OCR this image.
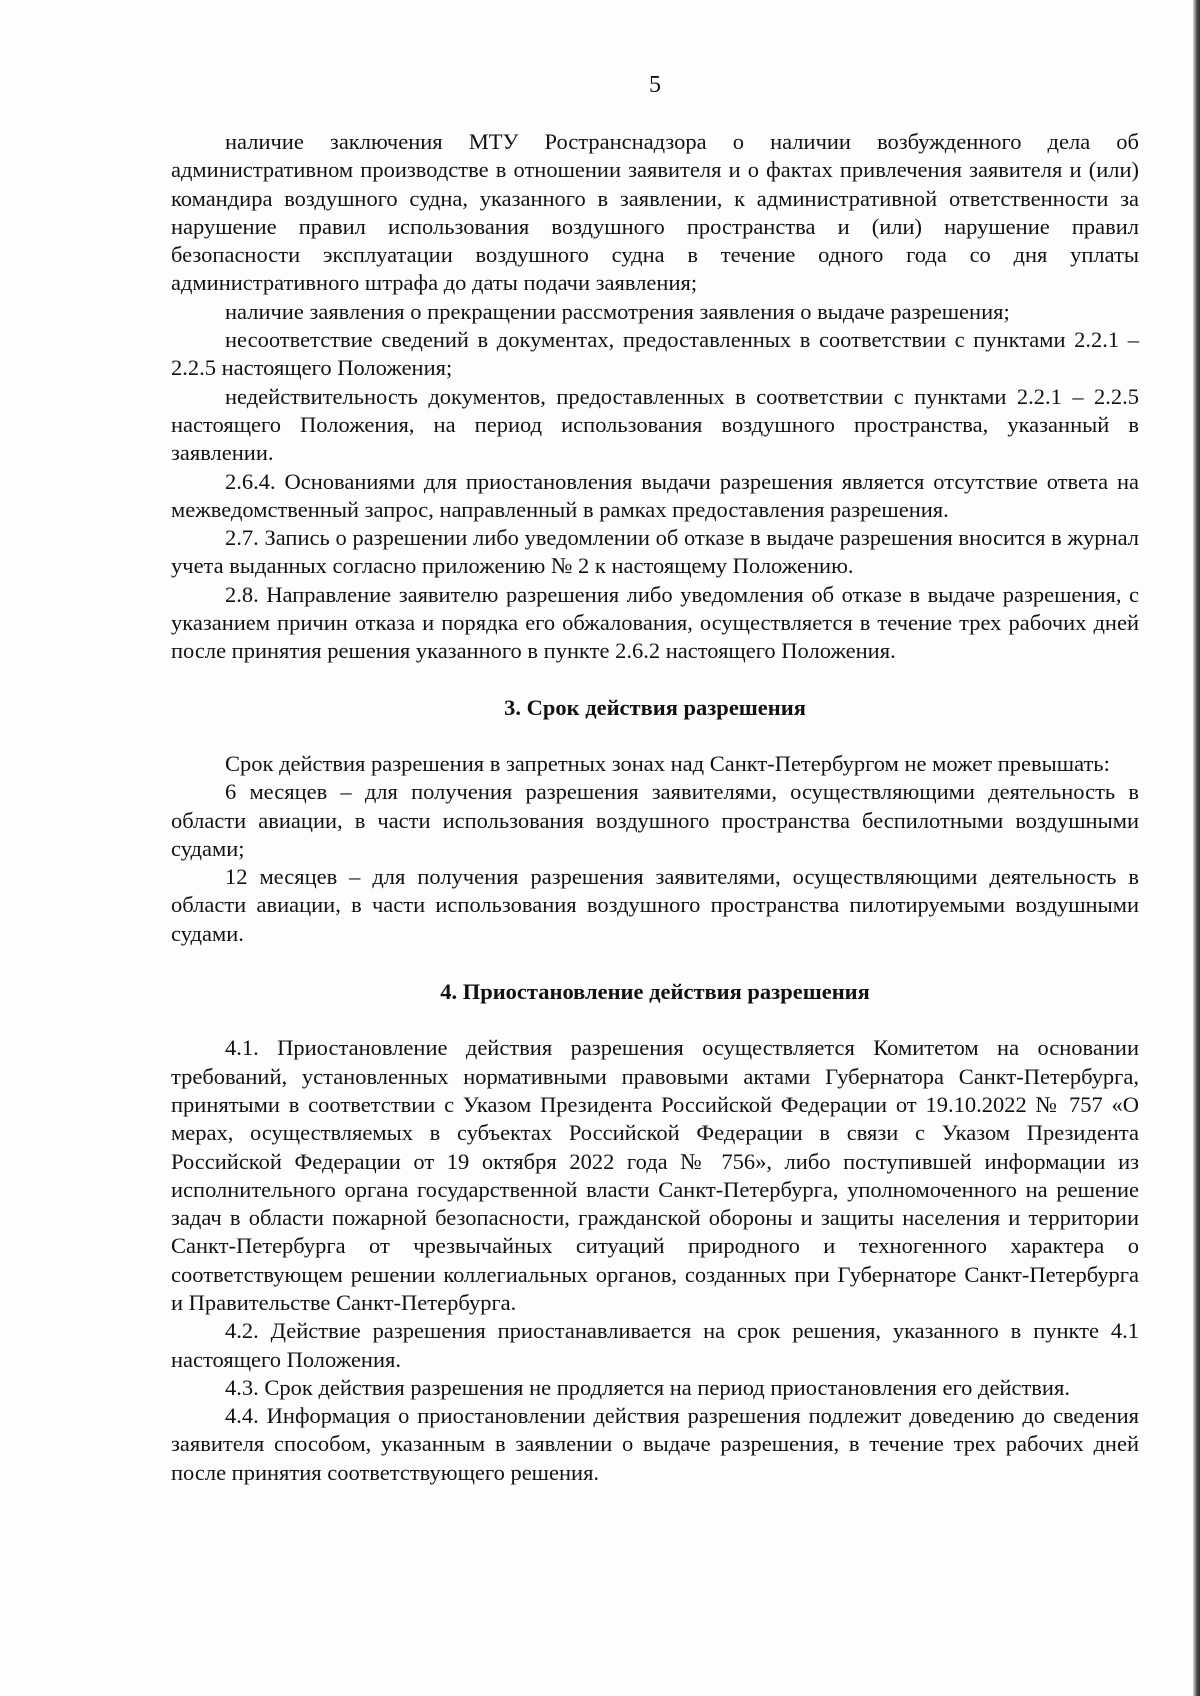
5

наличие заключения МТУ Ространснадзора о наличии возбужденного дела об административном производстве в отношении заявителя и о фактах привлечения заявителя и (или) командира воздушного судна, указанного в заявлении, к административной ответственности за нарушение правил использования воздушного пространства и (или) нарушение правил безопасности эксплуатации воздушного судна в течение одного года со дня уплаты административного штрафа до даты подачи заявления;

наличие заявления о прекращении рассмотрения заявления о выдаче разрешения;

несоответствие сведений в документах, предоставленных в соответствии с пунктами 2.2.1 – 2.2.5 настоящего Положения;

недействительность документов, предоставленных в соответствии с пунктами 2.2.1 – 2.2.5 настоящего Положения, на период использования воздушного пространства, указанный в заявлении.

2.6.4. Основаниями для приостановления выдачи разрешения является отсутствие ответа на межведомственный запрос, направленный в рамках предоставления разрешения.

2.7. Запись о разрешении либо уведомлении об отказе в выдаче разрешения вносится в журнал учета выданных согласно приложению № 2 к настоящему Положению.

2.8. Направление заявителю разрешения либо уведомления об отказе в выдаче разрешения, с указанием причин отказа и порядка его обжалования, осуществляется в течение трех рабочих дней после принятия решения указанного в пункте 2.6.2 настоящего Положения.

3. Срок действия разрешения

Срок действия разрешения в запретных зонах над Санкт-Петербургом не может превышать:

6 месяцев – для получения разрешения заявителями, осуществляющими деятельность в области авиации, в части использования воздушного пространства беспилотными воздушными судами;

12 месяцев – для получения разрешения заявителями, осуществляющими деятельность в области авиации, в части использования воздушного пространства пилотируемыми воздушными судами.

4. Приостановление действия разрешения

4.1. Приостановление действия разрешения осуществляется Комитетом на основании требований, установленных нормативными правовыми актами Губернатора Санкт-Петербурга, принятыми в соответствии с Указом Президента Российской Федерации от 19.10.2022 № 757 «О мерах, осуществляемых в субъектах Российской Федерации в связи с Указом Президента Российской Федерации от 19 октября 2022 года № 756», либо поступившей информации из исполнительного органа государственной власти Санкт-Петербурга, уполномоченного на решение задач в области пожарной безопасности, гражданской обороны и защиты населения и территории Санкт-Петербурга от чрезвычайных ситуаций природного и техногенного характера о соответствующем решении коллегиальных органов, созданных при Губернаторе Санкт-Петербурга и Правительстве Санкт-Петербурга.

4.2. Действие разрешения приостанавливается на срок решения, указанного в пункте 4.1 настоящего Положения.

4.3. Срок действия разрешения не продляется на период приостановления его действия.

4.4. Информация о приостановлении действия разрешения подлежит доведению до сведения заявителя способом, указанным в заявлении о выдаче разрешения, в течение трех рабочих дней после принятия соответствующего решения.
